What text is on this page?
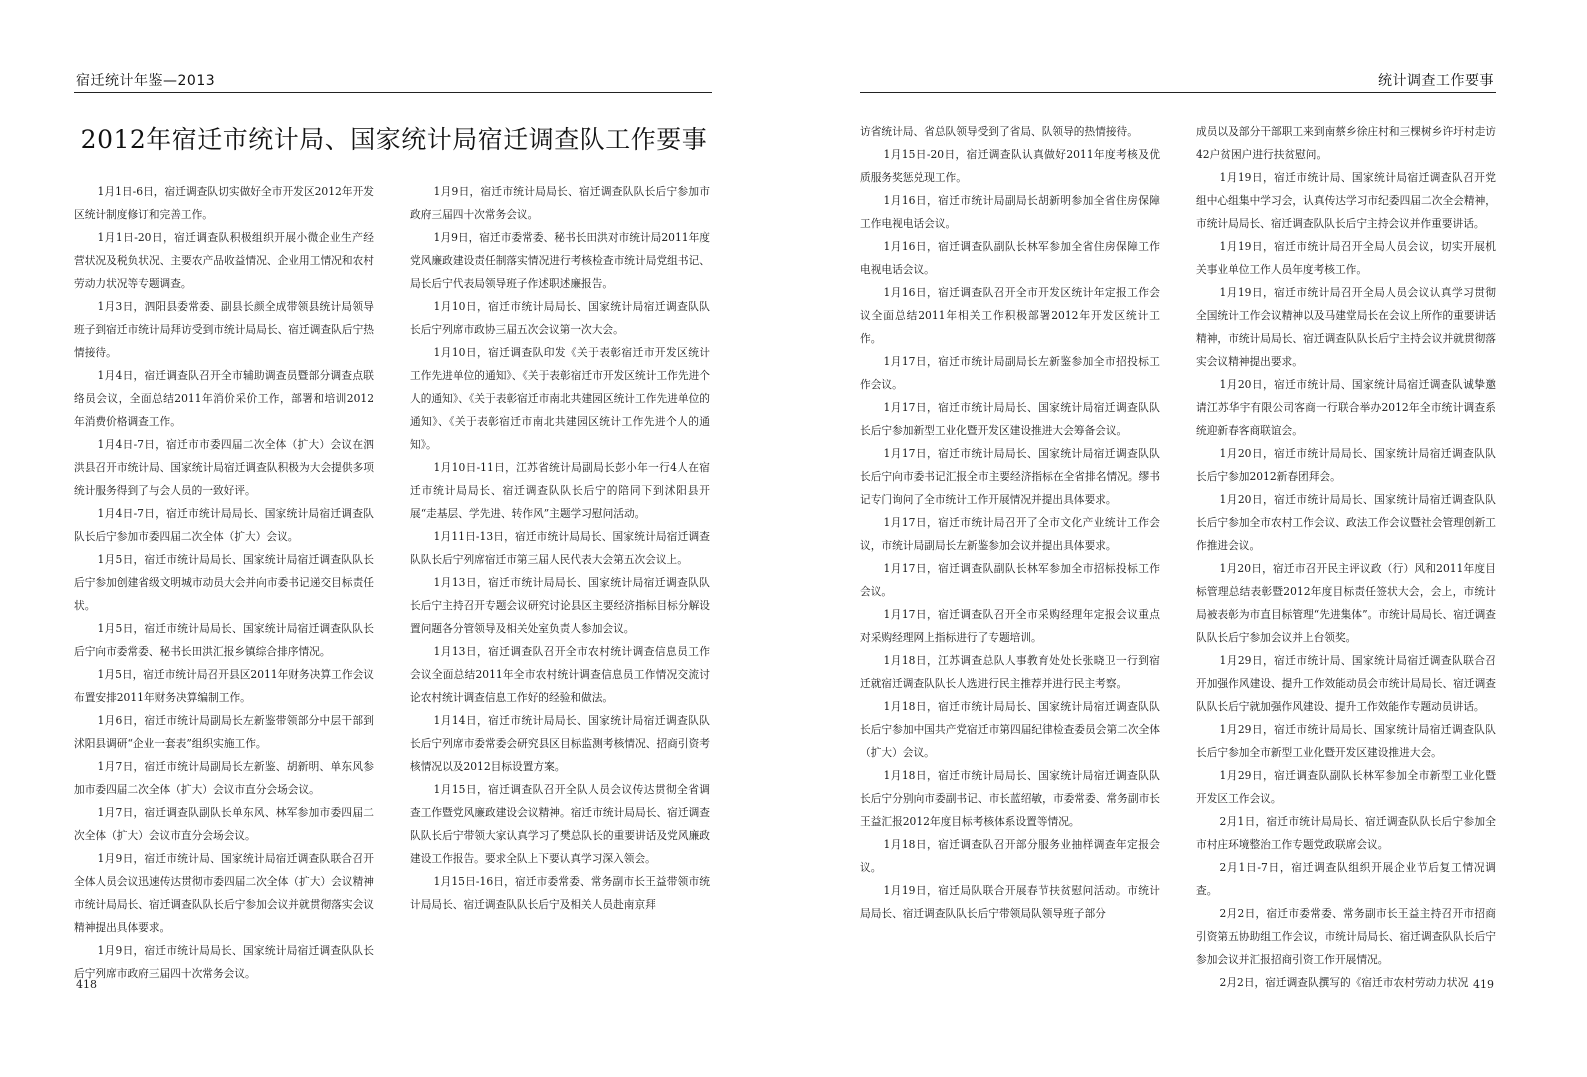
宿迁统计年鉴—2013	统计调查工作要事
2012年宿迁市统计局、国家统计局宿迁调查队工作要事

1月1日-6日，宿迁调查队切实做好全市开发区2012年开发区统计制度修订和完善工作。

1月1日-20日，宿迁调查队积极组织开展小微企业生产经营状况及税负状况、主要农产品收益情况、企业用工情况和农村劳动力状况等专题调查。

1月3日，泗阳县委常委、副县长颜全成带领县统计局领导班子到宿迁市统计局拜访受到市统计局局长、宿迁调查队后宁热情接待。

1月4日，宿迁调查队召开全市辅助调查员暨部分调查点联络员会议，全面总结2011年消价采价工作，部署和培训2012年消费价格调查工作。

1月4日-7日，宿迁市市委四届二次全体（扩大）会议在泗洪县召开市统计局、国家统计局宿迁调查队积极为大会提供多项统计服务得到了与会人员的一致好评。

1月4日-7日，宿迁市统计局局长、国家统计局宿迁调查队队长后宁参加市委四届二次全体（扩大）会议。

1月5日，宿迁市统计局局长、国家统计局宿迁调查队队长后宁参加创建省级文明城市动员大会并向市委书记递交目标责任状。

1月5日，宿迁市统计局局长、国家统计局宿迁调查队队长后宁向市委常委、秘书长田洪汇报乡镇综合排序情况。

1月5日，宿迁市统计局召开县区2011年财务决算工作会议布置安排2011年财务决算编制工作。

1月6日，宿迁市统计局副局长左新鉴带领部分中层干部到沭阳县调研“企业一套表”组织实施工作。

1月7日，宿迁市统计局副局长左新鉴、胡新明、单东风参加市委四届二次全体（扩大）会议市直分会场会议。

1月7日，宿迁调查队副队长单东风、林军参加市委四届二次全体（扩大）会议市直分会场会议。

1月9日，宿迁市统计局、国家统计局宿迁调查队联合召开全体人员会议迅速传达贯彻市委四届二次全体（扩大）会议精神市统计局局长、宿迁调查队队长后宁参加会议并就贯彻落实会议精神提出具体要求。

1月9日，宿迁市统计局局长、国家统计局宿迁调查队队长后宁列席市政府三届四十次常务会议。

1月9日，宿迁市统计局局长、宿迁调查队队长后宁参加市政府三届四十次常务会议。

1月9日，宿迁市委常委、秘书长田洪对市统计局2011年度党风廉政建设责任制落实情况进行考核检查市统计局党组书记、局长后宁代表局领导班子作述职述廉报告。

1月10日，宿迁市统计局局长、国家统计局宿迁调查队队长后宁列席市政协三届五次会议第一次大会。

1月10日，宿迁调查队印发《关于表彰宿迁市开发区统计工作先进单位的通知》、《关于表彰宿迁市开发区统计工作先进个人的通知》、《关于表彰宿迁市南北共建园区统计工作先进单位的通知》、《关于表彰宿迁市南北共建园区统计工作先进个人的通知》。

1月10日-11日，江苏省统计局副局长彭小年一行4人在宿迁市统计局局长、宿迁调查队队长后宁的陪同下到沭阳县开展“走基层、学先进、转作风”主题学习慰问活动。

1月11日-13日，宿迁市统计局局长、国家统计局宿迁调查队队长后宁列席宿迁市第三届人民代表大会第五次会议上。

1月13日，宿迁市统计局局长、国家统计局宿迁调查队队长后宁主持召开专题会议研究讨论县区主要经济指标目标分解设置问题各分管领导及相关处室负责人参加会议。

1月13日，宿迁调查队召开全市农村统计调查信息员工作会议全面总结2011年全市农村统计调查信息员工作情况交流讨论农村统计调查信息工作好的经验和做法。

1月14日，宿迁市统计局局长、国家统计局宿迁调查队队长后宁列席市委常委会研究县区目标监测考核情况、招商引资考核情况以及2012目标设置方案。

1月15日，宿迁调查队召开全队人员会议传达贯彻全省调查工作暨党风廉政建设会议精神。宿迁市统计局局长、宿迁调查队队长后宁带领大家认真学习了樊总队长的重要讲话及党风廉政建设工作报告。要求全队上下要认真学习深入领会。

1月15日-16日，宿迁市委常委、常务副市长王益带领市统计局局长、宿迁调查队队长后宁及相关人员赴南京拜

访省统计局、省总队领导受到了省局、队领导的热情接待。

1月15日-20日，宿迁调查队认真做好2011年度考核及优质服务奖惩兑现工作。

1月16日，宿迁市统计局副局长胡新明参加全省住房保障工作电视电话会议。

1月16日，宿迁调查队副队长林军参加全省住房保障工作电视电话会议。

1月16日，宿迁调查队召开全市开发区统计年定报工作会议全面总结2011年相关工作积极部署2012年开发区统计工作。

1月17日，宿迁市统计局副局长左新鉴参加全市招投标工作会议。

1月17日，宿迁市统计局局长、国家统计局宿迁调查队队长后宁参加新型工业化暨开发区建设推进大会筹备会议。

1月17日，宿迁市统计局局长、国家统计局宿迁调查队队长后宁向市委书记汇报全市主要经济指标在全省排名情况。缪书记专门询问了全市统计工作开展情况并提出具体要求。

1月17日，宿迁市统计局召开了全市文化产业统计工作会议，市统计局副局长左新鉴参加会议并提出具体要求。

1月17日，宿迁调查队副队长林军参加全市招标投标工作会议。

1月17日，宿迁调查队召开全市采购经理年定报会议重点对采购经理网上指标进行了专题培训。

1月18日，江苏调查总队人事教育处处长张晓卫一行到宿迁就宿迁调查队队长人选进行民主推荐并进行民主考察。

1月18日，宿迁市统计局局长、国家统计局宿迁调查队队长后宁参加中国共产党宿迁市第四届纪律检查委员会第二次全体（扩大）会议。

1月18日，宿迁市统计局局长、国家统计局宿迁调查队队长后宁分别向市委副书记、市长蓝绍敏，市委常委、常务副市长王益汇报2012年度目标考核体系设置等情况。

1月18日，宿迁调查队召开部分服务业抽样调查年定报会议。

1月19日，宿迁局队联合开展春节扶贫慰问活动。市统计局局长、宿迁调查队队长后宁带领局队领导班子部分

成员以及部分干部职工来到南蔡乡徐庄村和三棵树乡许圩村走访42户贫困户进行扶贫慰问。

1月19日，宿迁市统计局、国家统计局宿迁调查队召开党组中心组集中学习会，认真传达学习市纪委四届二次全会精神，市统计局局长、宿迁调查队队长后宁主持会议并作重要讲话。

1月19日，宿迁市统计局召开全局人员会议，切实开展机关事业单位工作人员年度考核工作。

1月19日，宿迁市统计局召开全局人员会议认真学习贯彻全国统计工作会议精神以及马建堂局长在会议上所作的重要讲话精神，市统计局局长、宿迁调查队队长后宁主持会议并就贯彻落实会议精神提出要求。

1月20日，宿迁市统计局、国家统计局宿迁调查队诚挚邀请江苏华宇有限公司客商一行联合举办2012年全市统计调查系统迎新春客商联谊会。

1月20日，宿迁市统计局局长、国家统计局宿迁调查队队长后宁参加2012新春团拜会。

1月20日，宿迁市统计局局长、国家统计局宿迁调查队队长后宁参加全市农村工作会议、政法工作会议暨社会管理创新工作推进会议。

1月20日，宿迁市召开民主评议政（行）风和2011年度目标管理总结表彰暨2012年度目标责任签状大会，会上，市统计局被表彰为市直目标管理“先进集体”。市统计局局长、宿迁调查队队长后宁参加会议并上台领奖。

1月29日，宿迁市统计局、国家统计局宿迁调查队联合召开加强作风建设、提升工作效能动员会市统计局局长、宿迁调查队队长后宁就加强作风建设、提升工作效能作专题动员讲话。

1月29日，宿迁市统计局局长、国家统计局宿迁调查队队长后宁参加全市新型工业化暨开发区建设推进大会。

1月29日，宿迁调查队副队长林军参加全市新型工业化暨开发区工作会议。

2月1日，宿迁市统计局局长、宿迁调查队队长后宁参加全市村庄环境整治工作专题党政联席会议。

2月1日-7日，宿迁调查队组织开展企业节后复工情况调查。

2月2日，宿迁市委常委、常务副市长王益主持召开市招商引资第五协助组工作会议，市统计局局长、宿迁调查队队长后宁参加会议并汇报招商引资工作开展情况。

2月2日，宿迁调查队撰写的《宿迁市农村劳动力状况

418	419
